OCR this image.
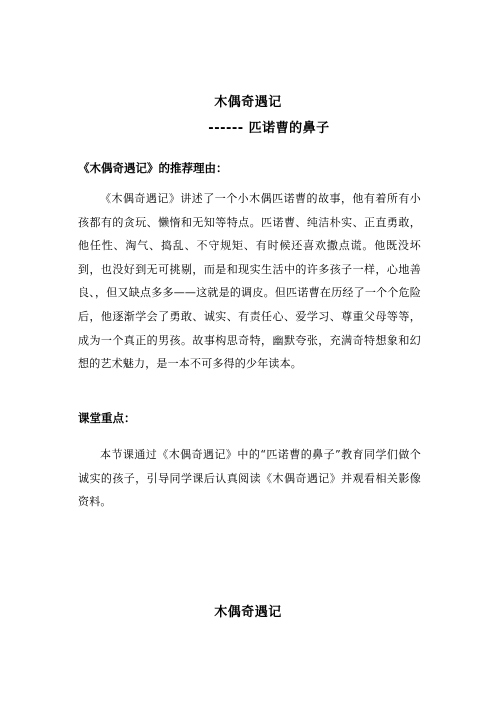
木偶奇遇记
------ 匹诺曹的鼻子
《木偶奇遇记》的推荐理由：

《木偶奇遇记》讲述了一个小木偶匹诺曹的故事，他有着所有小孩都有的贪玩、懒惰和无知等特点。匹诺曹、纯洁朴实、正直勇敢，他任性、淘气、捣乱、不守规矩、有时候还喜欢撒点谎。他既没坏到，也没好到无可挑剔，而是和现实生活中的许多孩子一样，心地善良、，但又缺点多多——这就是的调皮。但匹诺曹在历经了一个个危险后，他逐渐学会了勇敢、诚实、有责任心、爱学习、尊重父母等等，成为一个真正的男孩。故事构思奇特，幽默夸张，充满奇特想象和幻想的艺术魅力，是一本不可多得的少年读本。

课堂重点：

本节课通过《木偶奇遇记》中的“匹诺曹的鼻子”教育同学们做个诚实的孩子，引导同学课后认真阅读《木偶奇遇记》并观看相关影像资料。

木偶奇遇记
